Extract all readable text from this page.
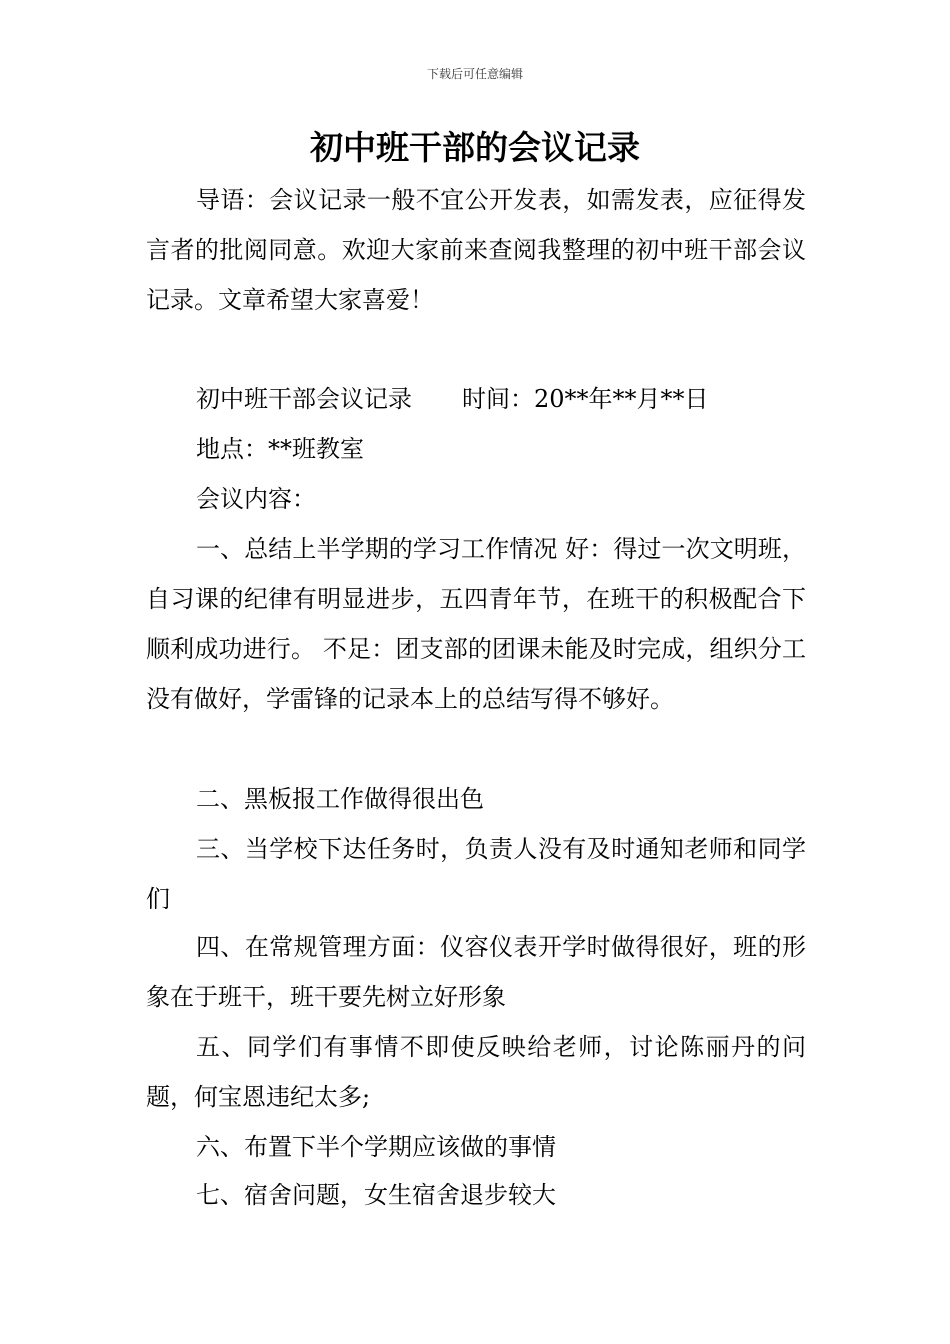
下载后可任意编辑
初中班干部的会议记录

导语：会议记录一般不宜公开发表，如需发表，应征得发言者的批阅同意。欢迎大家前来查阅我整理的初中班干部会议记录。文章希望大家喜爱！

初中班干部会议记录 时间：20**年**月**日

地点：**班教室

会议内容：

一、总结上半学期的学习工作情况 好：得过一次文明班，自习课的纪律有明显进步，五四青年节，在班干的积极配合下顺利成功进行。 不足：团支部的团课未能及时完成，组织分工没有做好，学雷锋的记录本上的总结写得不够好。

二、黑板报工作做得很出色

三、当学校下达任务时，负责人没有及时通知老师和同学们

四、在常规管理方面：仪容仪表开学时做得很好，班的形象在于班干，班干要先树立好形象

五、同学们有事情不即使反映给老师，讨论陈丽丹的问题，何宝恩违纪太多;

六、布置下半个学期应该做的事情

七、宿舍问题，女生宿舍退步较大
